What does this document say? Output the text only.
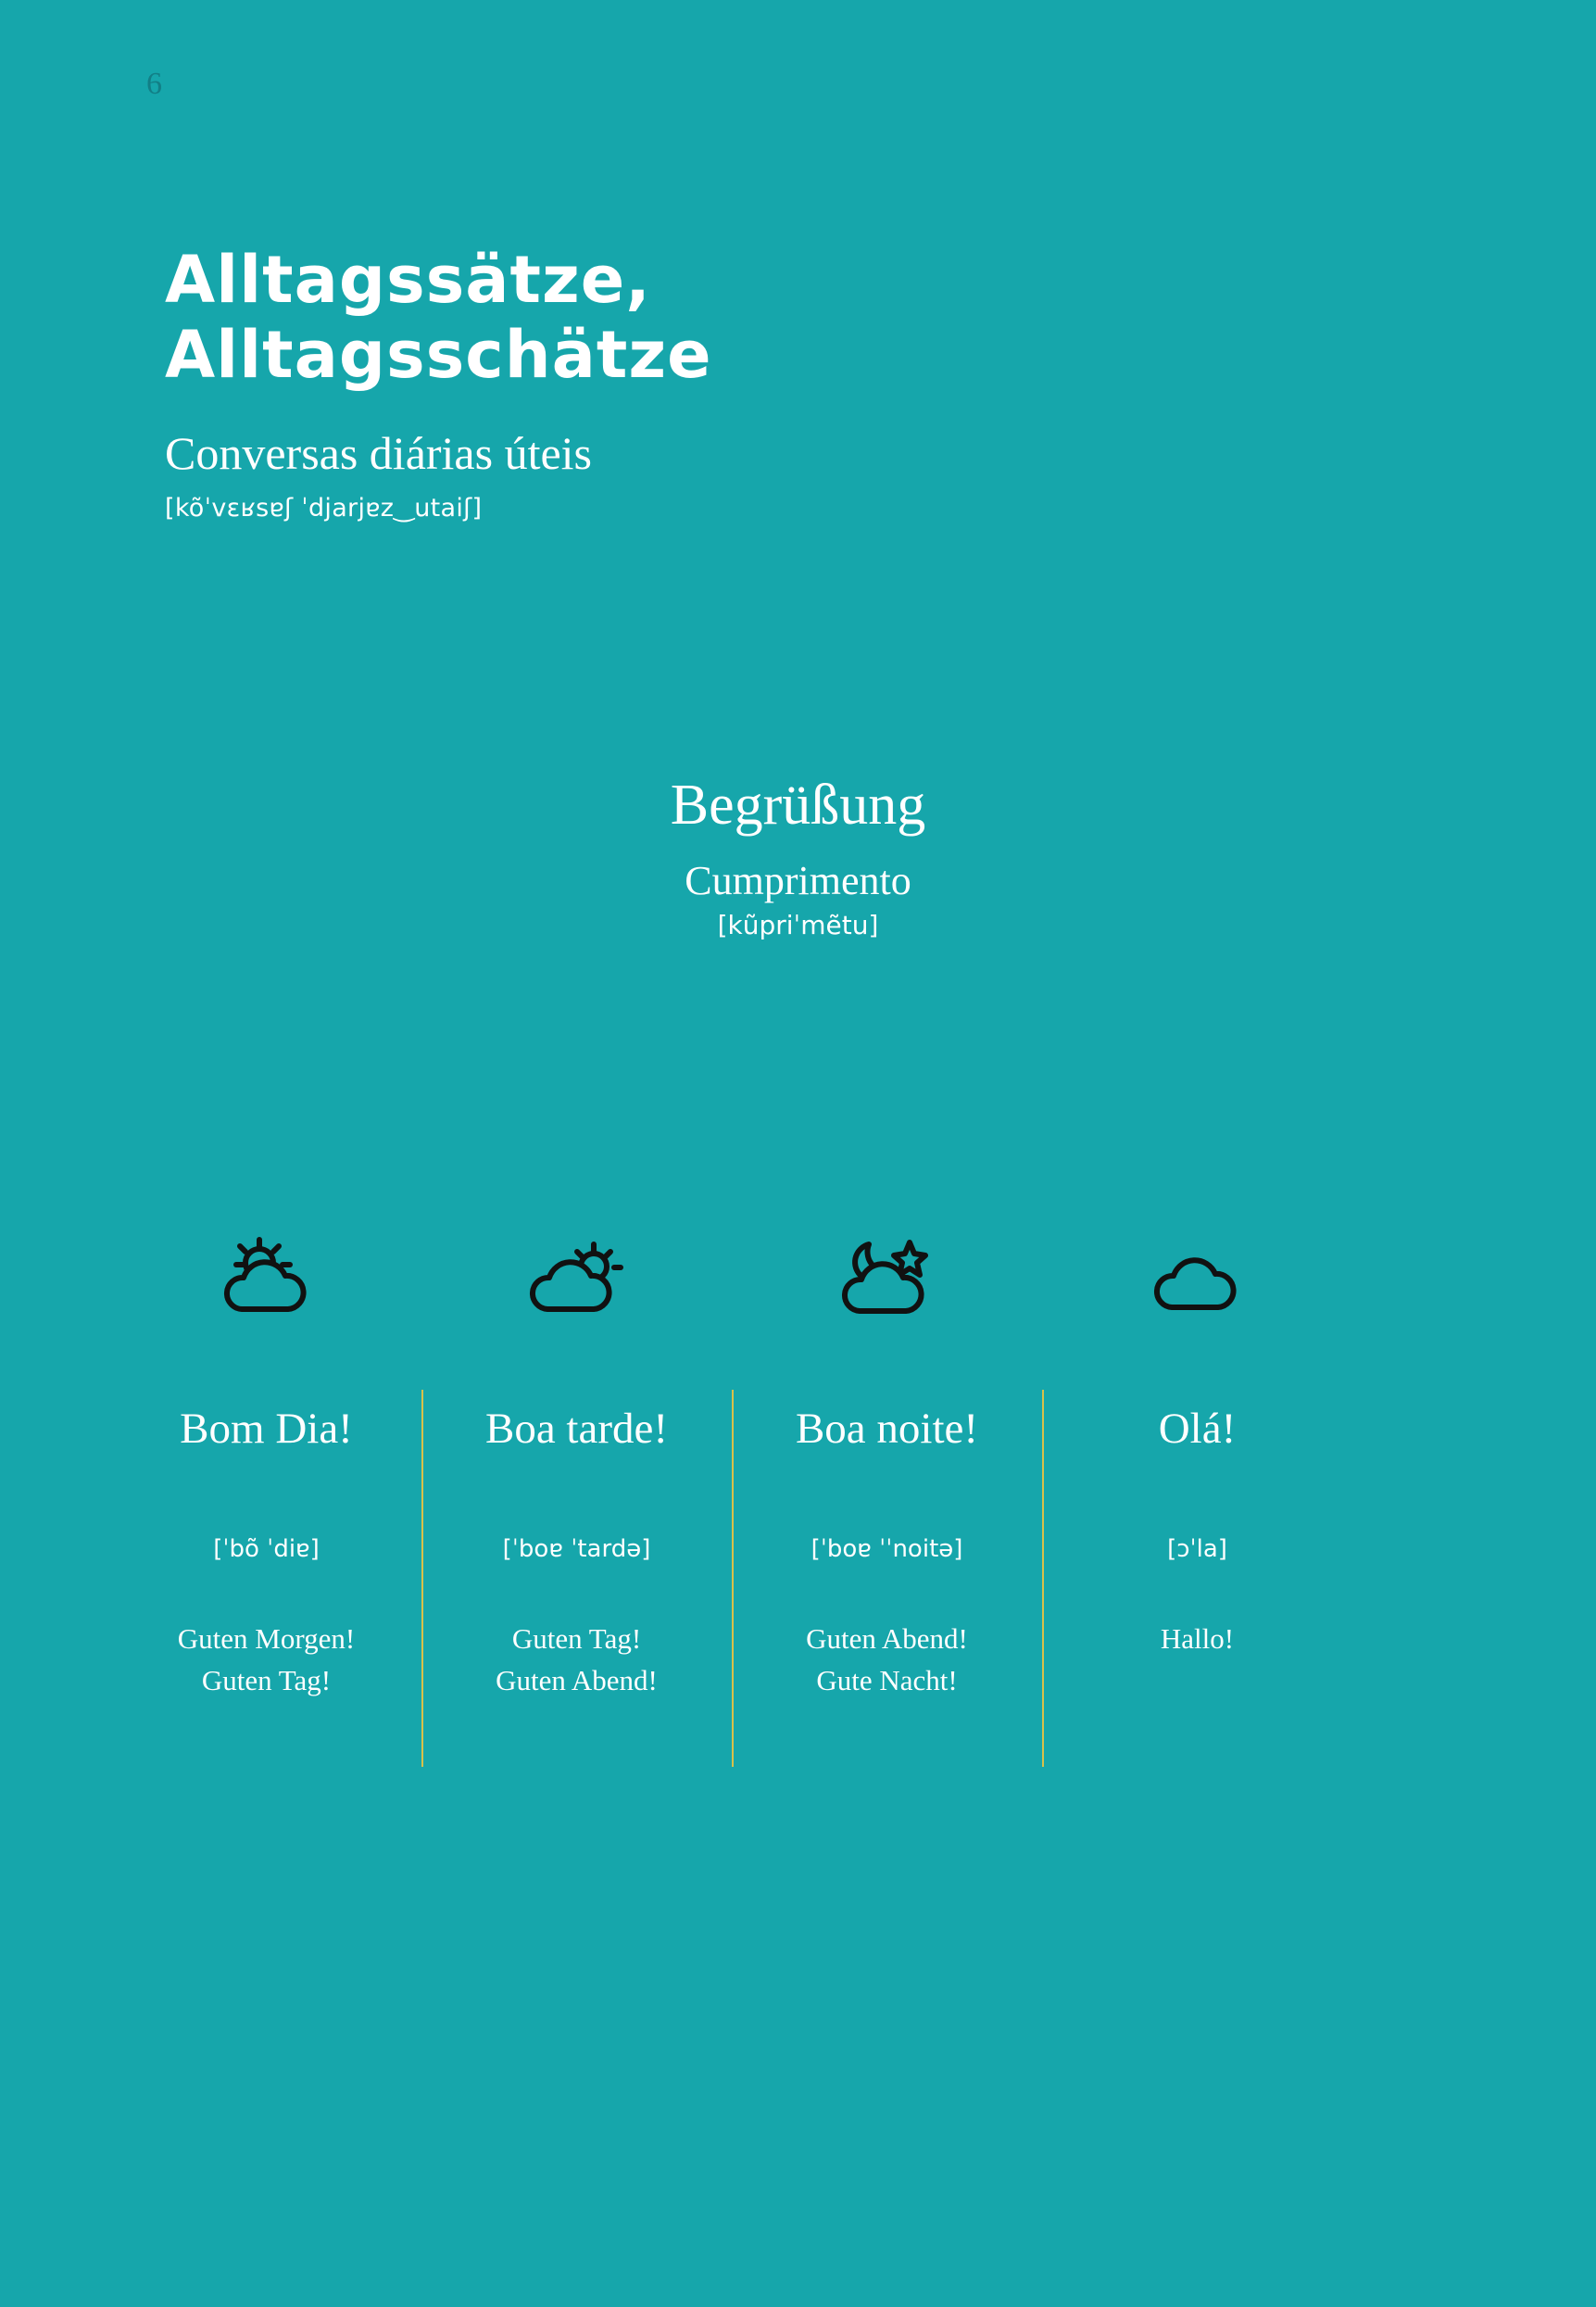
6
Alltagssätze,
Alltagsschätze
Conversas diárias úteis
[kõˈvɛʁsɐʃ ˈdjarjɐz‿utaiʃ]
Begrüßung
Cumprimento
[kũpriˈmẽtu]
Bom Dia!
[ˈbõ ˈdiɐ]
Guten Morgen!
Guten Tag!
Boa tarde!
[ˈboɐ ˈtardə]
Guten Tag!
Guten Abend!
Boa noite!
[ˈboɐ ˈˈnoitə]
Guten Abend!
Gute Nacht!
Olá!
[ɔˈla]
Hallo!
